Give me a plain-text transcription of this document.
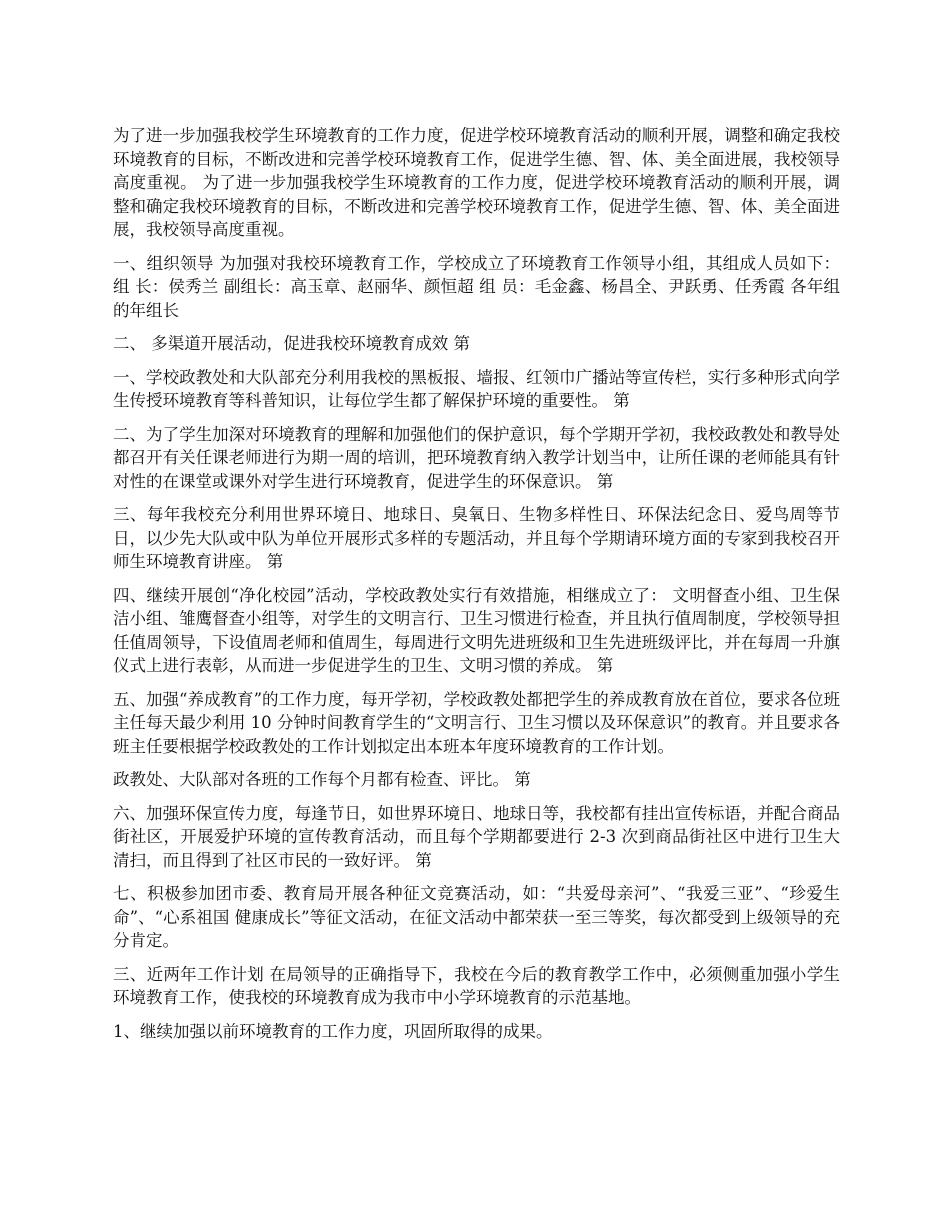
为了进一步加强我校学生环境教育的工作力度，促进学校环境教育活动的顺利开展，调整和确定我校环境教育的目标，不断改进和完善学校环境教育工作，促进学生德、智、体、美全面进展，我校领导高度重视。 为了进一步加强我校学生环境教育的工作力度，促进学校环境教育活动的顺利开展，调整和确定我校环境教育的目标，不断改进和完善学校环境教育工作，促进学生德、智、体、美全面进展，我校领导高度重视。

一、组织领导 为加强对我校环境教育工作，学校成立了环境教育工作领导小组，其组成人员如下： 组 长：侯秀兰 副组长：高玉章、赵丽华、颜恒超 组 员：毛金鑫、杨昌全、尹跃勇、任秀霞 各年组的年组长

二、 多渠道开展活动，促进我校环境教育成效 第

一、学校政教处和大队部充分利用我校的黑板报、墙报、红领巾广播站等宣传栏，实行多种形式向学生传授环境教育等科普知识，让每位学生都了解保护环境的重要性。 第

二、为了学生加深对环境教育的理解和加强他们的保护意识，每个学期开学初，我校政教处和教导处都召开有关任课老师进行为期一周的培训，把环境教育纳入教学计划当中，让所任课的老师能具有针对性的在课堂或课外对学生进行环境教育，促进学生的环保意识。 第

三、每年我校充分利用世界环境日、地球日、臭氧日、生物多样性日、环保法纪念日、爱鸟周等节日，以少先大队或中队为单位开展形式多样的专题活动，并且每个学期请环境方面的专家到我校召开师生环境教育讲座。 第

四、继续开展创“净化校园”活动，学校政教处实行有效措施，相继成立了： 文明督查小组、卫生保洁小组、雏鹰督查小组等，对学生的文明言行、卫生习惯进行检查，并且执行值周制度，学校领导担任值周领导，下设值周老师和值周生，每周进行文明先进班级和卫生先进班级评比，并在每周一升旗仪式上进行表彰，从而进一步促进学生的卫生、文明习惯的养成。 第

五、加强“养成教育”的工作力度，每开学初，学校政教处都把学生的养成教育放在首位，要求各位班主任每天最少利用 10 分钟时间教育学生的“文明言行、卫生习惯以及环保意识”的教育。并且要求各班主任要根据学校政教处的工作计划拟定出本班本年度环境教育的工作计划。

政教处、大队部对各班的工作每个月都有检查、评比。 第

六、加强环保宣传力度，每逢节日，如世界环境日、地球日等，我校都有挂出宣传标语，并配合商品街社区，开展爱护环境的宣传教育活动，而且每个学期都要进行 2-3 次到商品街社区中进行卫生大清扫，而且得到了社区市民的一致好评。 第

七、积极参加团市委、教育局开展各种征文竞赛活动，如：“共爱母亲河”、“我爱三亚”、“珍爱生命”、“心系祖国 健康成长”等征文活动，在征文活动中都荣获一至三等奖，每次都受到上级领导的充分肯定。

三、近两年工作计划 在局领导的正确指导下，我校在今后的教育教学工作中，必须侧重加强小学生环境教育工作，使我校的环境教育成为我市中小学环境教育的示范基地。

1、继续加强以前环境教育的工作力度，巩固所取得的成果。
